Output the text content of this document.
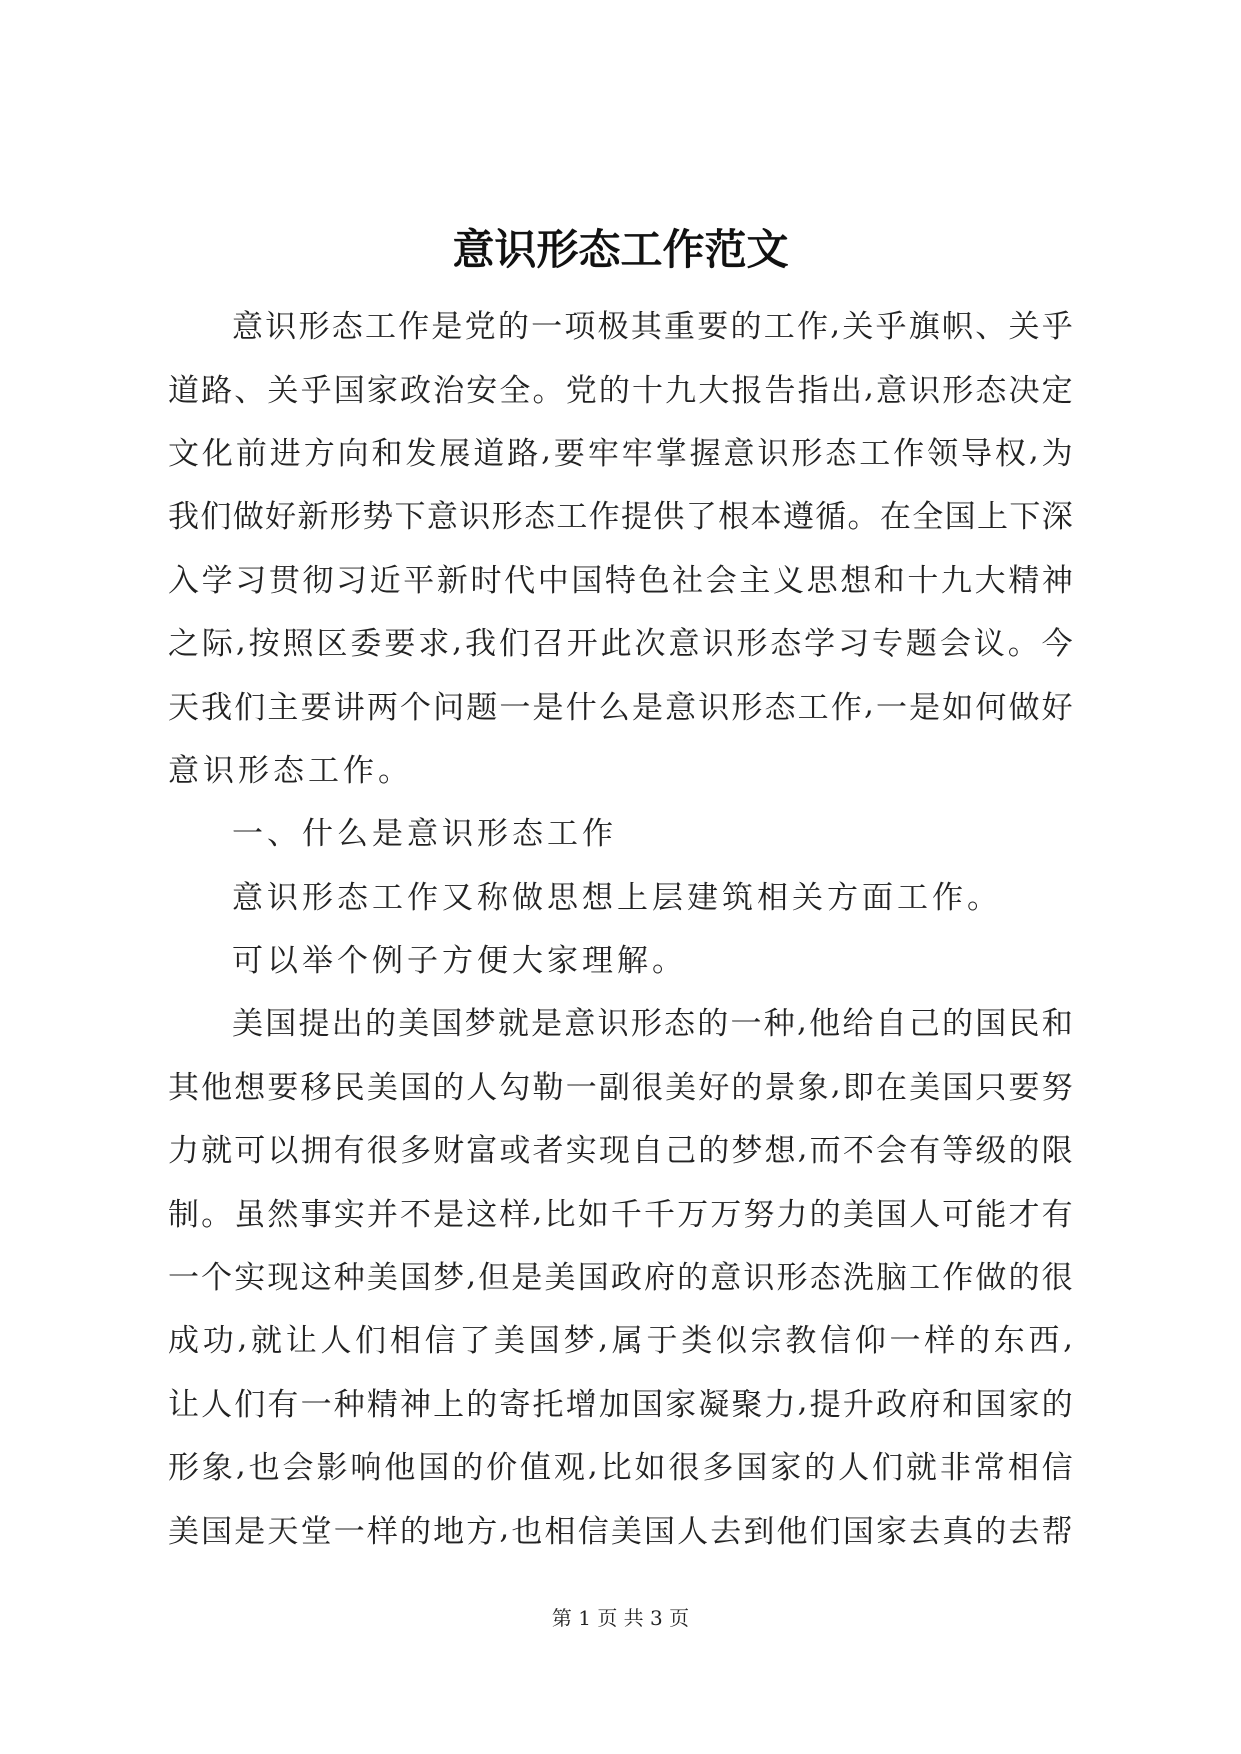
意识形态工作范文
意 识 形 态 工 作 是 党 的 一 项 极 其 重 要 的 工 作 , 关 乎 旗 帜 、 关 乎
道 路 、 关 乎 国 家 政 治 安 全 。 党 的 十 九 大 报 告 指 出 , 意 识 形 态 决 定
文 化 前 进 方 向 和 发 展 道 路 , 要 牢 牢 掌 握 意 识 形 态 工 作 领 导 权 , 为
我 们 做 好 新 形 势 下 意 识 形 态 工 作 提 供 了 根 本 遵 循 。 在 全 国 上 下 深
入 学 习 贯 彻 习 近 平 新 时 代 中 国 特 色 社 会 主 义 思 想 和 十 九 大 精 神
之 际 , 按 照 区 委 要 求 , 我 们 召 开 此 次 意 识 形 态 学 习 专 题 会 议 。 今
天 我 们 主 要 讲 两 个 问 题 一 是 什 么 是 意 识 形 态 工 作 , 一 是 如 何 做 好
意识形态工作。
一、什么是意识形态工作
意识形态工作又称做思想上层建筑相关方面工作。
可以举个例子方便大家理解。
美 国 提 出 的 美 国 梦 就 是 意 识 形 态 的 一 种 , 他 给 自 己 的 国 民 和
其 他 想 要 移 民 美 国 的 人 勾 勒 一 副 很 美 好 的 景 象 , 即 在 美 国 只 要 努
力 就 可 以 拥 有 很 多 财 富 或 者 实 现 自 己 的 梦 想 , 而 不 会 有 等 级 的 限
制 。 虽 然 事 实 并 不 是 这 样 , 比 如 千 千 万 万 努 力 的 美 国 人 可 能 才 有
一 个 实 现 这 种 美 国 梦 , 但 是 美 国 政 府 的 意 识 形 态 洗 脑 工 作 做 的 很
成 功 , 就 让 人 们 相 信 了 美 国 梦 , 属 于 类 似 宗 教 信 仰 一 样 的 东 西 ,
让 人 们 有 一 种 精 神 上 的 寄 托 增 加 国 家 凝 聚 力 , 提 升 政 府 和 国 家 的
形 象 , 也 会 影 响 他 国 的 价 值 观 , 比 如 很 多 国 家 的 人 们 就 非 常 相 信
美 国 是 天 堂 一 样 的 地 方 , 也 相 信 美 国 人 去 到 他 们 国 家 去 真 的 去 帮
第 1 页 共 3 页
